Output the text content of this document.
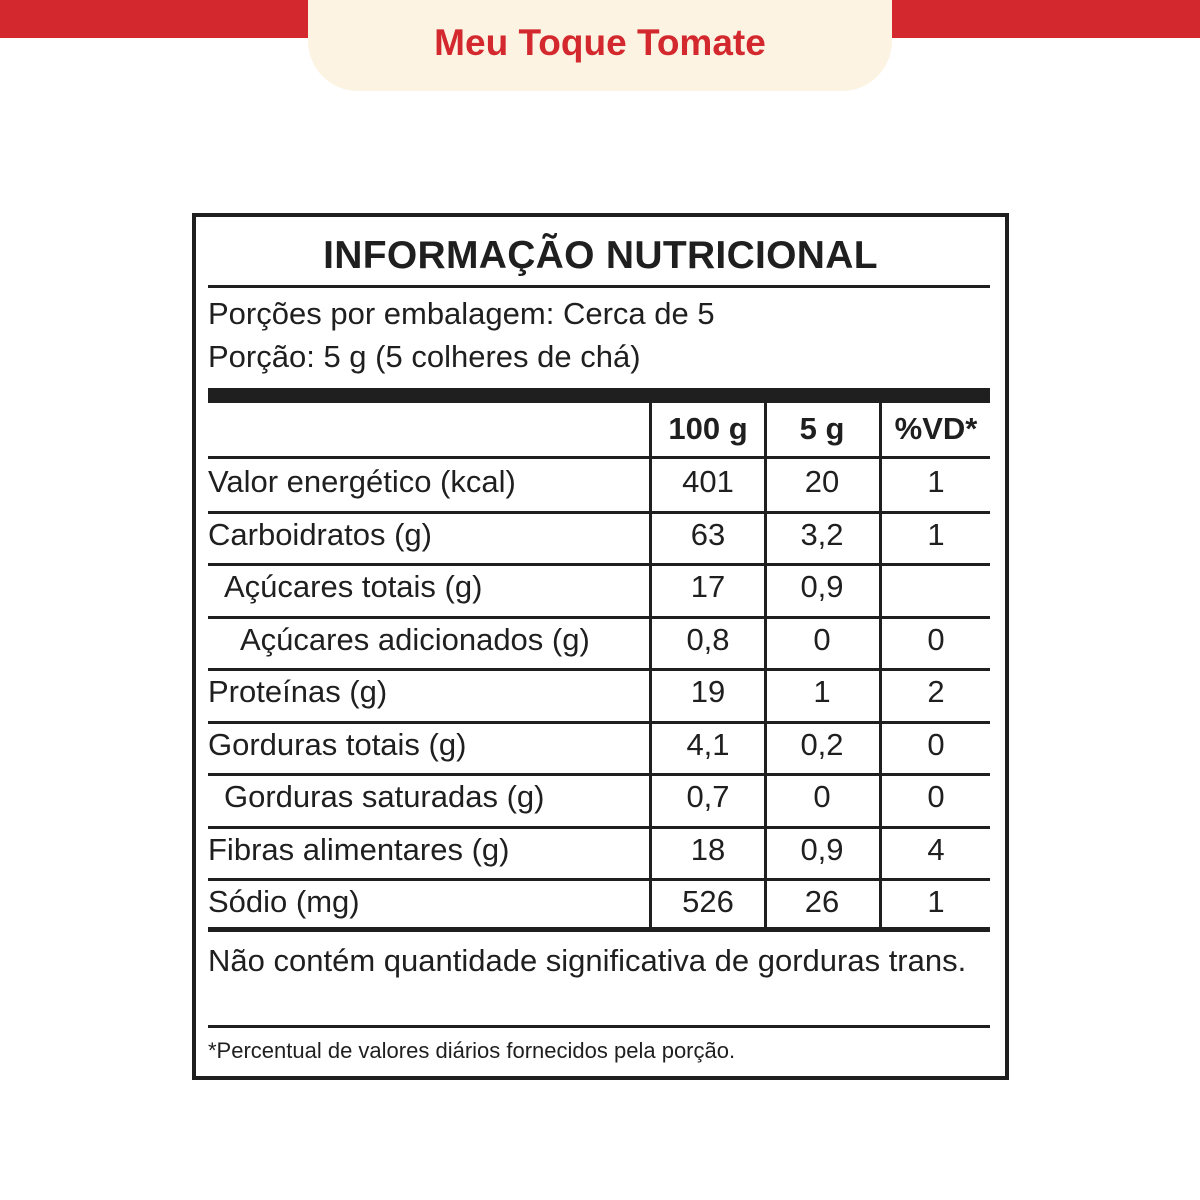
Meu Toque Tomate
INFORMAÇÃO NUTRICIONAL
Porções por embalagem: Cerca de 5
Porção: 5 g (5 colheres de chá)
100 g	5 g	%VD*
Valor energético (kcal)	401	20	1
Carboidratos (g)	63	3,2	1
Açúcares totais (g)	17	0,9
Açúcares adicionados (g)	0,8	0	0
Proteínas (g)	19	1	2
Gorduras totais (g)	4,1	0,2	0
Gorduras saturadas (g)	0,7	0	0
Fibras alimentares (g)	18	0,9	4
Sódio (mg)	526	26	1
Não contém quantidade significativa de gorduras trans.
*Percentual de valores diários fornecidos pela porção.
